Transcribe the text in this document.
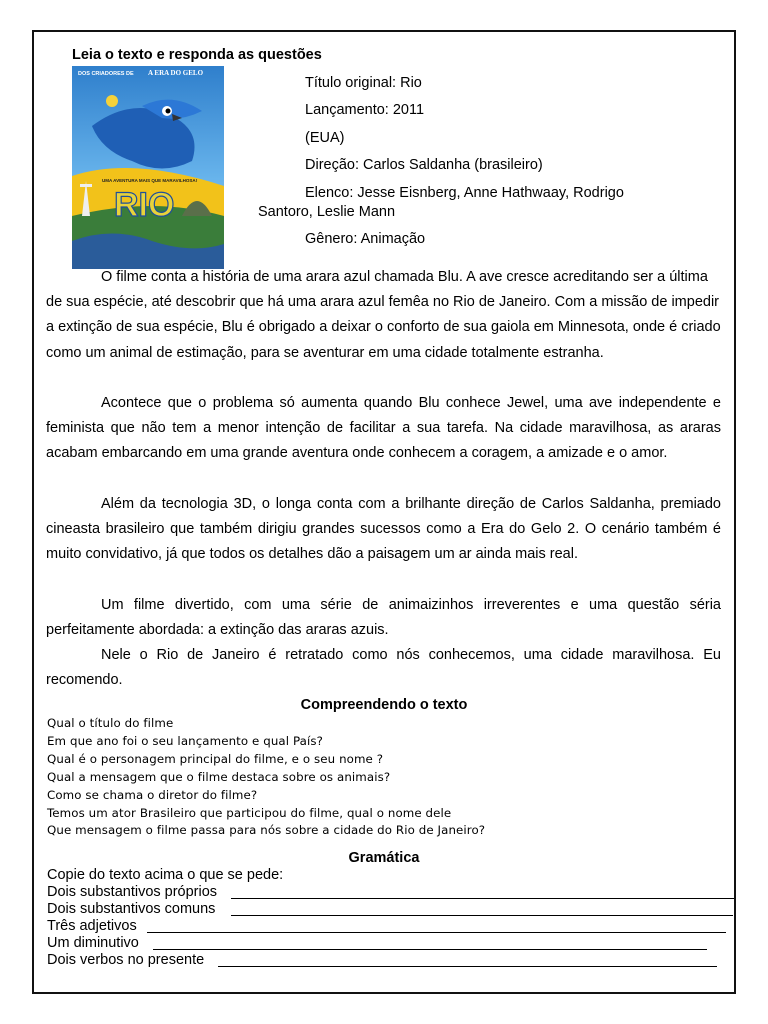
Leia o texto e responda as questões
DOS CRIADORES DE A ERA DO GELO
UMA AVENTURA MAIS QUE MARAVILHOSA!
RIO
Título original: Rio
Lançamento: 2011
(EUA)
Direção: Carlos Saldanha (brasileiro)
Elenco: Jesse Eisnberg, Anne Hathwaay, Rodrigo
Santoro, Leslie Mann
Gênero: Animação

O filme conta a história de uma arara azul chamada Blu. A ave cresce acreditando ser a última de sua espécie, até descobrir que há uma arara azul femêa no Rio de Janeiro. Com a missão de impedir a extinção de sua espécie, Blu é obrigado a deixar o conforto de sua gaiola em Minnesota, onde é criado como um animal de estimação, para se aventurar em uma cidade totalmente estranha.

Acontece que o problema só aumenta quando Blu conhece Jewel, uma ave independente e feminista que não tem a menor intenção de facilitar a sua tarefa. Na cidade maravilhosa, as araras acabam embarcando em uma grande aventura onde conhecem a coragem, a amizade e o amor.

Além da tecnologia 3D, o longa conta com a brilhante direção de Carlos Saldanha, premiado cineasta brasileiro que também dirigiu grandes sucessos como a Era do Gelo 2. O cenário também é muito convidativo, já que todos os detalhes dão a paisagem um ar ainda mais real.

Um filme divertido, com uma série de animaizinhos irreverentes e uma questão séria perfeitamente abordada: a extinção das araras azuis.

Nele o Rio de Janeiro é retratado como nós conhecemos, uma cidade maravilhosa. Eu recomendo.

Compreendendo o texto
Qual o título do filme
Em que ano foi o seu lançamento e qual País?
Qual é o personagem principal do filme, e o seu nome ?
Qual a mensagem que o filme destaca sobre os animais?
Como se chama o diretor do filme?
Temos um ator Brasileiro que participou do filme, qual o nome dele
Que mensagem o filme passa para nós sobre a cidade do Rio de Janeiro?
Gramática
Copie do texto acima o que se pede:
Dois substantivos próprios
Dois substantivos comuns
Três adjetivos
Um diminutivo
Dois verbos no presente
